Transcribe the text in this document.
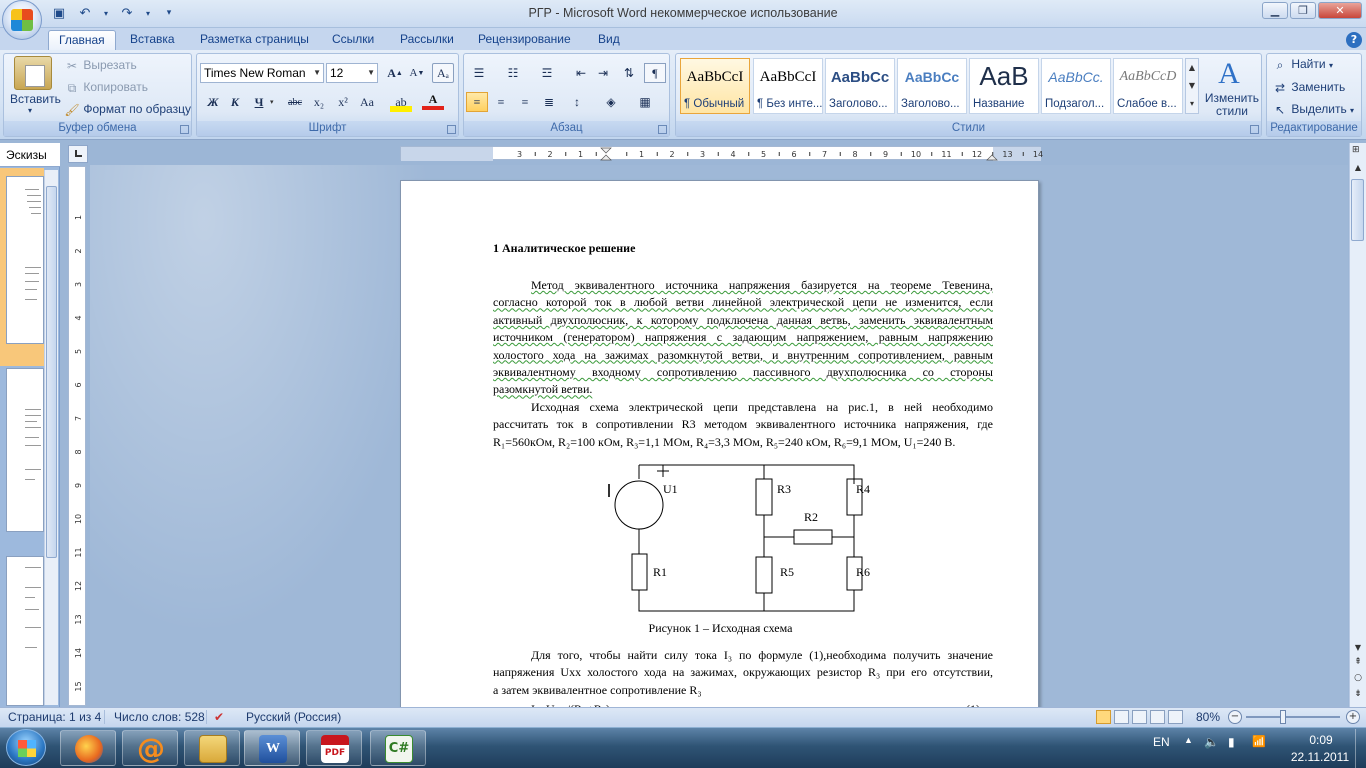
▣ ↶	▾ ↷	▾	▾	РГР - Microsoft Word некоммерческое использование	▁	❐	✕
Главная	Вставка	Разметка страницы	Ссылки	Рассылки	Рецензирование	Вид	?
Буфер обмена
Вставить
▾
✂ Вырезать
⧉ Копировать
🖌 Формат по образцу
Шрифт
Times New Roman ▼ 12	▼ A ▲ A ▼	Aₐ
Ж	К	Ч ▾	abc x₂	x²	Aa	ab	A
Абзац
☰	☷	☲	⇤ ⇥	⇅	¶
≡	≡	≡	≣	↕	◈	▦
Стили
AaBbCcI
¶ Обычный
AaBbCcI
¶ Без инте...
AaBbCc
Заголово...
AaBbCc
Заголово...
AaB
Название
AaBbCc.
Подзагол...
AaBbCcD
Слабое в...
▲
▼
▾
A
Изменить стили
Редактирование
⌕ Найти ▾
⇄ Заменить
↖ Выделить ▾
Эскизы	3	2	1	1	2	3	4	5	6	7	8	9	10	11	12	13	14
1
2
3
4
5
6
7
8
9
10
11
12
13
14
15
⊞
▲
▼
⇞
○
⇟
1 Аналитическое решение
Метод эквивалентного источника напряжения базируется на теореме Тевенина,
согласно которой ток в любой ветви линейной электрической цепи не изменится, если
активный двухполюсник, к которому подключена данная ветвь, заменить эквивалентным
источником (генератором) напряжения с задающим напряжением, равным напряжению
холостого хода на зажимах разомкнутой ветви, и внутренним сопротивлением, равным
эквивалентному входному сопротивлению пассивного двухполюсника со стороны
разомкнутой ветви.
Исходная схема электрической цепи представлена на рис.1, в ней необходимо
рассчитать ток в сопротивлении R3 методом эквивалентного источника напряжения, где
R₁=560кОм, R₂=100 кОм, R₃=1,1 МОм, R₄=3,3 МОм, R₅=240 кОм, R₆=9,1 МОм, U₁=240 В.
U1
R1
R3	R4
R2
R5	R6
Рисунок 1 – Исходная схема
Для того, чтобы найти силу тока I₃ по формуле (1),необходима получить значение
напряжения Uхх холостого хода на зажимах, окружающих резистор R₃ при его отсутствии,
а затем эквивалентное сопротивление R₃
Страница: 1 из 4 Число слов: 528 ✔ Русский (Россия)	80% −	+
@	W	PDF	C#	EN ▲ 🔈 ▮ 📶	0:09
22.11.2011
